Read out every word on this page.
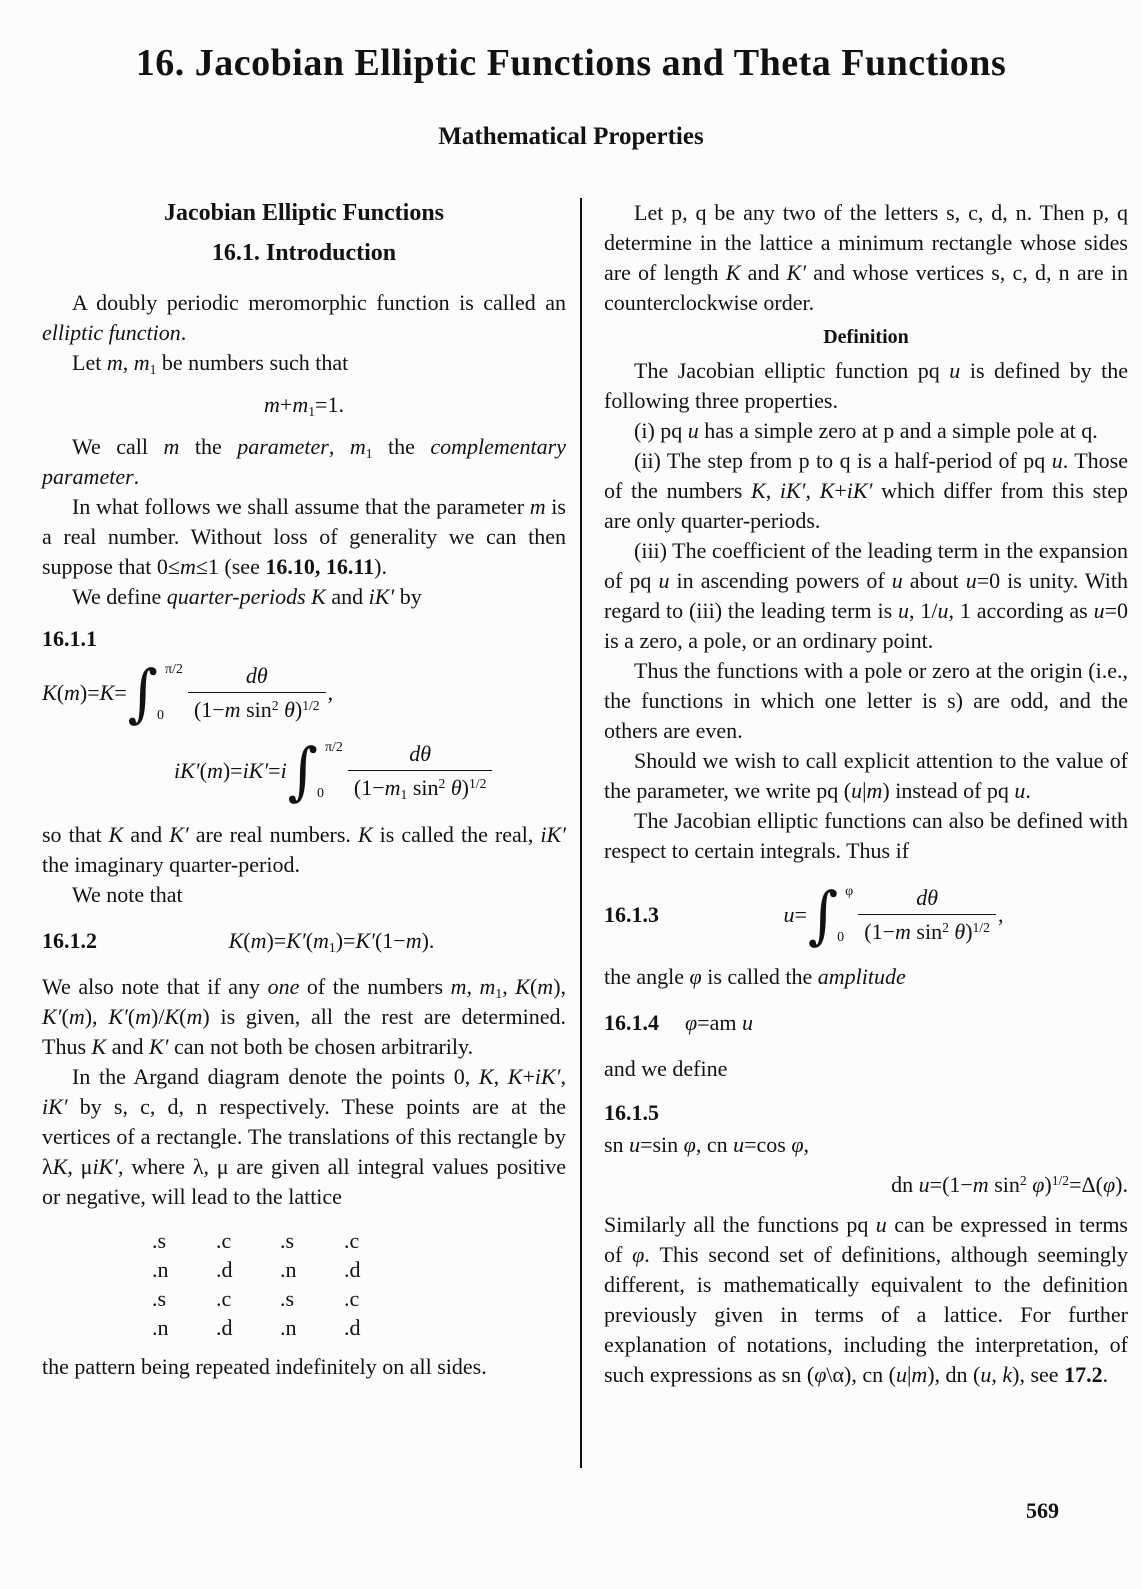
16. Jacobian Elliptic Functions and Theta Functions
Mathematical Properties
Jacobian Elliptic Functions
16.1. Introduction

A doubly periodic meromorphic function is called an elliptic function.

Let m, $m_1$ be numbers such that

$m+m_1=1$.

We call m the parameter, $m_1$ the complementary parameter.

In what follows we shall assume that the parameter m is a real number. Without loss of generality we can then suppose that 0≤m≤1 (see 16.10, 16.11).

We define quarter-periods K and iK′ by

16.1.1

K(m)=K= ∫ π/2
0	$\frac{d\theta}{(1-m \sin^2 \theta)^{1/2}}$ ,
iK′(m)=iK′=i ∫ π/2
0	$\frac{d\theta}{(1-m_1 \sin^2 \theta)^{1/2}}$

so that K and K′ are real numbers. K is called the real, iK′ the imaginary quarter-period.

We note that

16.1.2	$K(m)=K'(m_1)=K'(1-m)$.

We also note that if any one of the numbers m, $m_1$, K(m), K′(m), K′(m)/K(m) is given, all the rest are determined. Thus K and K′ can not both be chosen arbitrarily.

In the Argand diagram denote the points 0, K, K+iK′, iK′ by s, c, d, n respectively. These points are at the vertices of a rectangle. The translations of this rectangle by λK, μiK′, where λ, μ are given all integral values positive or negative, will lead to the lattice

.s	.c	.s	.c
.n	.d	.n	.d
.s	.c	.s	.c
.n	.d	.n	.d

the pattern being repeated indefinitely on all sides.

Let p, q be any two of the letters s, c, d, n. Then p, q determine in the lattice a minimum rectangle whose sides are of length K and K′ and whose vertices s, c, d, n are in counterclockwise order.

Definition

The Jacobian elliptic function pq u is defined by the following three properties.

(i) pq u has a simple zero at p and a simple pole at q.

(ii) The step from p to q is a half-period of pq u. Those of the numbers K, iK′, K+iK′ which differ from this step are only quarter-periods.

(iii) The coefficient of the leading term in the expansion of pq u in ascending powers of u about u=0 is unity. With regard to (iii) the leading term is u, 1/u, 1 according as u=0 is a zero, a pole, or an ordinary point.

Thus the functions with a pole or zero at the origin (i.e., the functions in which one letter is s) are odd, and the others are even.

Should we wish to call explicit attention to the value of the parameter, we write pq (u|m) instead of pq u.

The Jacobian elliptic functions can also be defined with respect to certain integrals. Thus if

16.1.3	u= ∫ φ
$0 \frac{d\theta}{(1-m \sin^2 \theta)^{1/2}}$ ,

the angle φ is called the amplitude

16.1.4 φ=am u

and we define

16.1.5

sn u=sin φ, cn u=cos φ,

dn u=(1−m $\sin^2 \varphi)^{1/2}=\Delta(\varphi)$.

Similarly all the functions pq u can be expressed in terms of φ. This second set of definitions, although seemingly different, is mathematically equivalent to the definition previously given in terms of a lattice. For further explanation of notations, including the interpretation, of such expressions as sn (φ\α), cn (u|m), dn (u, k), see 17.2.

569
